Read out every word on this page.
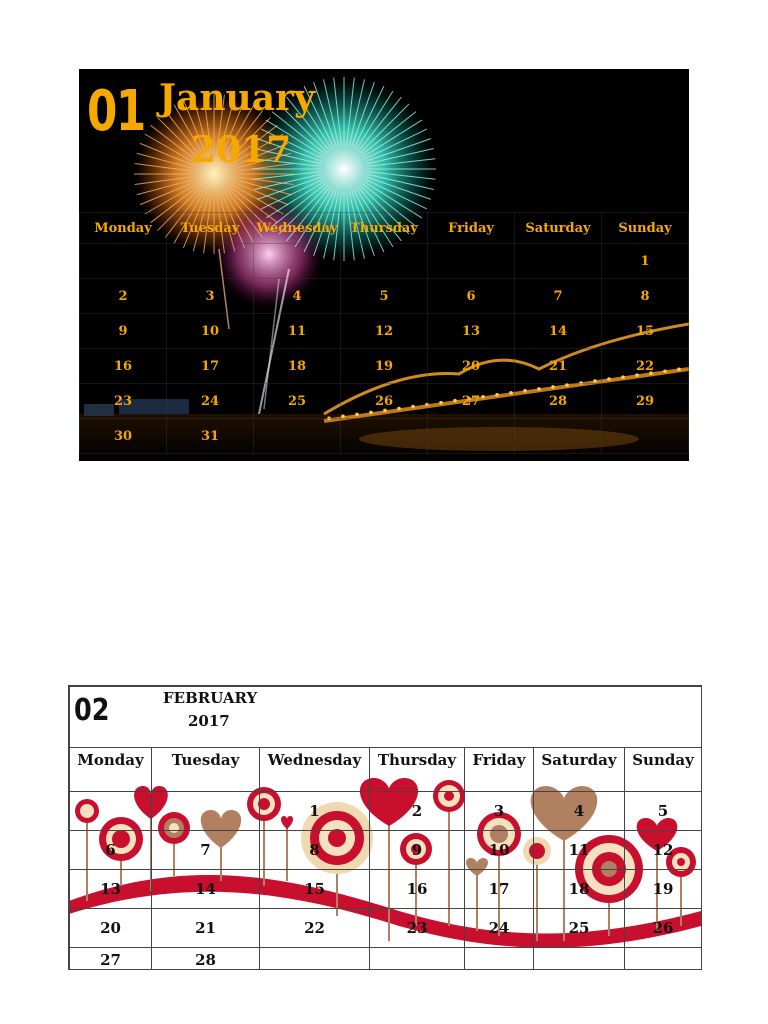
01 January
2017
Monday	Tuesday	Wednesday	Thursday	Friday	Saturday	Sunday
						1
2	3	4	5	6	7	8
9	10	11	12	13	14	15
16	17	18	19	20	21	22
23	24	25	26	27	28	29
30	31					
02 FEBRUARY
2017						

Monday	Tuesday	Wednesday	Thursday	Friday	Saturday	Sunday
		1	2	3	4	5
6	7	8	9	10	11	12
13	14	15	16	17	18	19
20	21	22	23	24	25	26
27	28					
